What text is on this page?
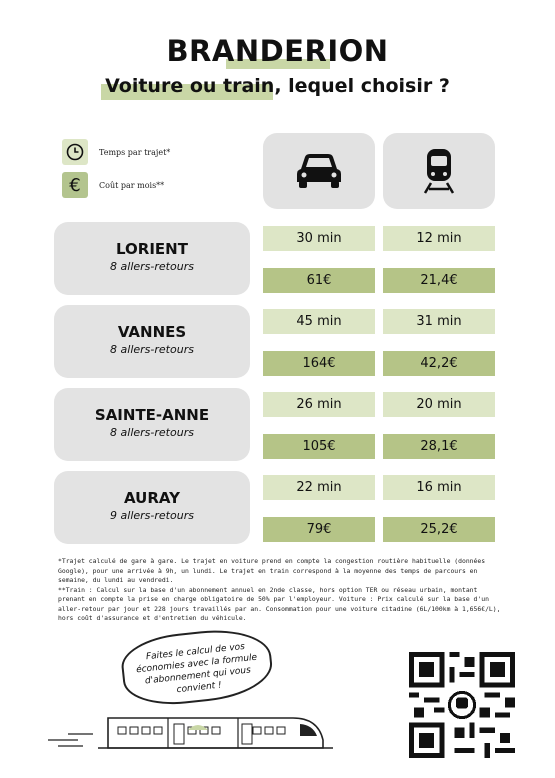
BRANDERION
Voiture ou train, lequel choisir ?
Temps par trajet*
€ Coût par mois**
LORIENT
8 allers-retours
30 min	12 min
61€	21,4€
VANNES
8 allers-retours
45 min	31 min
164€	42,2€
SAINTE-ANNE
8 allers-retours
26 min	20 min
105€	28,1€
AURAY
9 allers-retours
22 min	16 min
79€	25,2€
*Trajet calculé de gare à gare. Le trajet en voiture prend en compte la congestion routière habituelle (données Google), pour une arrivée à 9h, un lundi. Le trajet en train correspond à la moyenne des temps de parcours en semaine, du lundi au vendredi.
**Train : Calcul sur la base d'un abonnement annuel en 2nde classe, hors option TER ou réseau urbain, montant prenant en compte la prise en charge obligatoire de 50% par l'employeur. Voiture : Prix calculé sur la base d'un aller-retour par jour et 228 jours travaillés par an. Consommation pour une voiture citadine (6L/100km à 1,656€/L), hors coût d'assurance et d'entretien du véhicule.
Faites le calcul de vos économies avec la formule d'abonnement qui vous convient !
